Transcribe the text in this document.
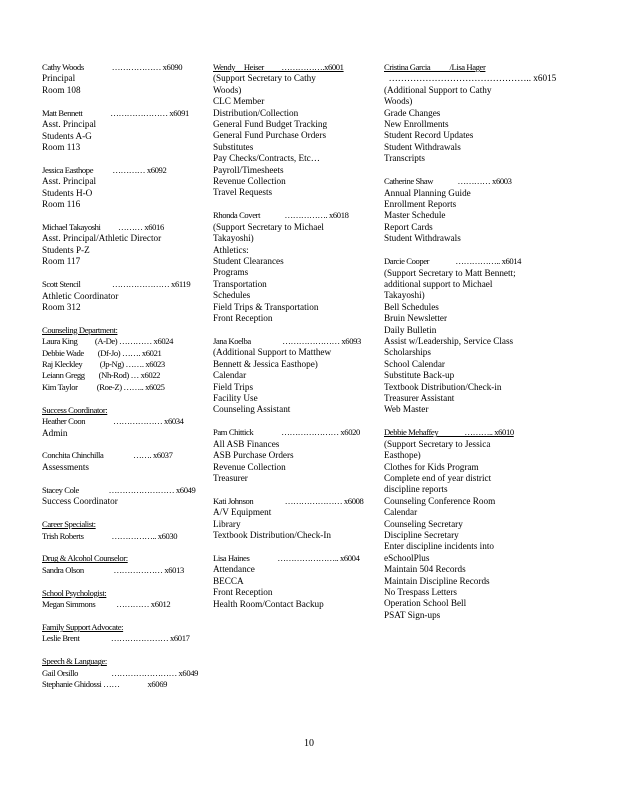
Cathy Woods                ……………… x6090
Principal
Room 108
Matt Bennett                ………………… x6091
Asst. Principal
Students A-G
Room 113
Jessica Easthope           ………… x6092
Asst. Principal
Students H-O
Room 116
Michael Takayoshi          ……… x6016
Asst. Principal/Athletic Director
Students P-Z
Room 117
Scott Stencil                  ………………… x6119
Athletic Coordinator
Room 312
Counseling Department:
Laura King          (A-De) ………… x6024
Debbie Wade        (Df-Jo) ……. x6021
Raj Kleckley          (Jp-Ng) ……. x6023
Leiann Gregg        (Nh-Rod) … x6022
Kim Taylor           (Roe-Z) …….. x6025
Success Coordinator:
Heather Coon                ……………… x6034
Admin
Conchita Chinchilla                 ……. x6037
Assessments
Stacey Cole                 …………………… x6049
Success Coordinator
Career Specialist:
Trish Roberts                …………….. x6030
Drug & Alcohol Counselor:
Sandra Olson                 ……………… x6013
School Psychologist:
Megan Simmons            ………… x6012
Family Support Advocate:
Leslie Brent                  ………………… x6017
Speech & Language:
Gail Orsillo                   …………………… x6049
Stephanie Ghidossi ……                x6069
Wendy     Heiser          …………….x6001
(Support Secretary to Cathy
Woods)
CLC Member
Distribution/Collection
General Fund Budget Tracking
General Fund Purchase Orders
Substitutes
Pay Checks/Contracts, Etc…
Payroll/Timesheets
Revenue Collection
Travel Requests
Rhonda Covert              ……………. x6018
(Support Secretary to Michael
Takayoshi)
Athletics:
Student Clearances
Programs
Transportation
Schedules
Field Trips & Transportation
Front Reception
Jana Koelba                  ………………… x6093
(Additional Support to Matthew
Bennett & Jessica Easthope)
Calendar
Field Trips
Facility Use
Counseling Assistant
Pam Chittick                ………………… x6020
All ASB Finances
ASB Purchase Orders
Revenue Collection
Treasurer
Kati Johnson                  ………………… x6008
A/V Equipment
Library
Textbook Distribution/Check-In
Lisa Haines                ………………….. x6004
Attendance
BECCA
Front Reception
Health Room/Contact Backup
Cristina Garcia           /Lisa Hager
……………………………………….. x6015
(Additional Support to Cathy
Woods)
Grade Changes
New Enrollments
Student Record Updates
Student Withdrawals
Transcripts
Catherine Shaw              ………… x6003
Annual Planning Guide
Enrollment Reports
Master Schedule
Report Cards
Student Withdrawals
Darcie Cooper               …………….. x6014
(Support Secretary to Matt Bennett;
additional support to Michael
Takayoshi)
Bell Schedules
Bruin Newsletter
Daily Bulletin
Assist w/Leadership, Service Class
Scholarships
School Calendar
Substitute Back-up
Textbook Distribution/Check-in
Treasurer Assistant
Web Master
Debbie Mehaffey               ……….. x6010
(Support Secretary to Jessica
Easthope)
Clothes for Kids Program
Complete end of year district
discipline reports
Counseling Conference Room
Calendar
Counseling Secretary
Discipline Secretary
Enter discipline incidents into
eSchoolPlus
Maintain 504 Records
Maintain Discipline Records
No Trespass Letters
Operation School Bell
PSAT Sign-ups
10
